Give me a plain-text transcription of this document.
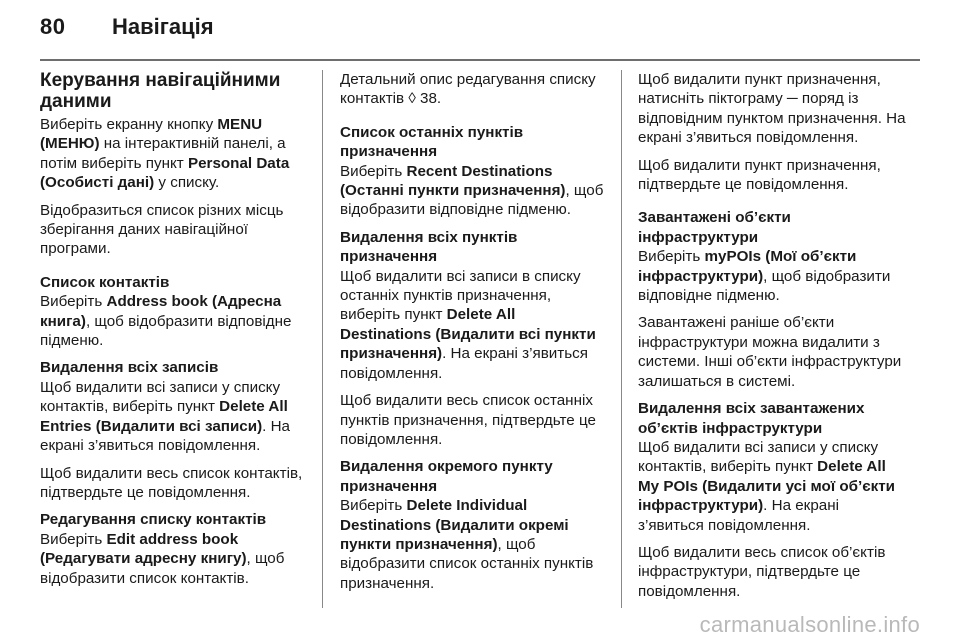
80 Навігація
Керування навігаційними даними

Виберіть екранну кнопку MENU (МЕНЮ) на інтерактивній панелі, а потім виберіть пункт Personal Data (Особисті дані) у списку.

Відобразиться список різних місць зберігання даних навігаційної програми.

Список контактів

Виберіть Address book (Адресна книга), щоб відобразити відповідне підменю.

Видалення всіх записів

Щоб видалити всі записи у списку контактів, виберіть пункт Delete All Entries (Видалити всі записи). На екрані з’явиться повідомлення.

Щоб видалити весь список контактів, підтвердьте це повідомлення.

Редагування списку контактів

Виберіть Edit address book (Редагувати адресну книгу), щоб відобразити список контактів.

Детальний опис редагування списку контактів ◊ 38.

Список останніх пунктів призначення

Виберіть Recent Destinations (Останні пункти призначення), щоб відобразити відповідне підменю.

Видалення всіх пунктів призначення

Щоб видалити всі записи в списку останніх пунктів призначення, виберіть пункт Delete All Destinations (Видалити всі пункти призначення). На екрані з’явиться повідомлення.

Щоб видалити весь список останніх пунктів призначення, підтвердьте це повідомлення.

Видалення окремого пункту призначення

Виберіть Delete Individual Destinations (Видалити окремі пункти призначення), щоб відобразити список останніх пунктів призначення.

Щоб видалити пункт призначення, натисніть піктограму ─ поряд із відповідним пунктом призначення. На екрані з’явиться повідомлення.

Щоб видалити пункт призначення, підтвердьте це повідомлення.

Завантажені об’єкти інфраструктури

Виберіть myPOIs (Мої об’єкти інфраструктури), щоб відобразити відповідне підменю.

Завантажені раніше об’єкти інфраструктури можна видалити з системи. Інші об’єкти інфраструктури залишаться в системі.

Видалення всіх завантажених об’єктів інфраструктури

Щоб видалити всі записи у списку контактів, виберіть пункт Delete All My POIs (Видалити усі мої об’єкти інфраструктури). На екрані з’явиться повідомлення.

Щоб видалити весь список об’єктів інфраструктури, підтвердьте це повідомлення.

carmanualsonline.info
